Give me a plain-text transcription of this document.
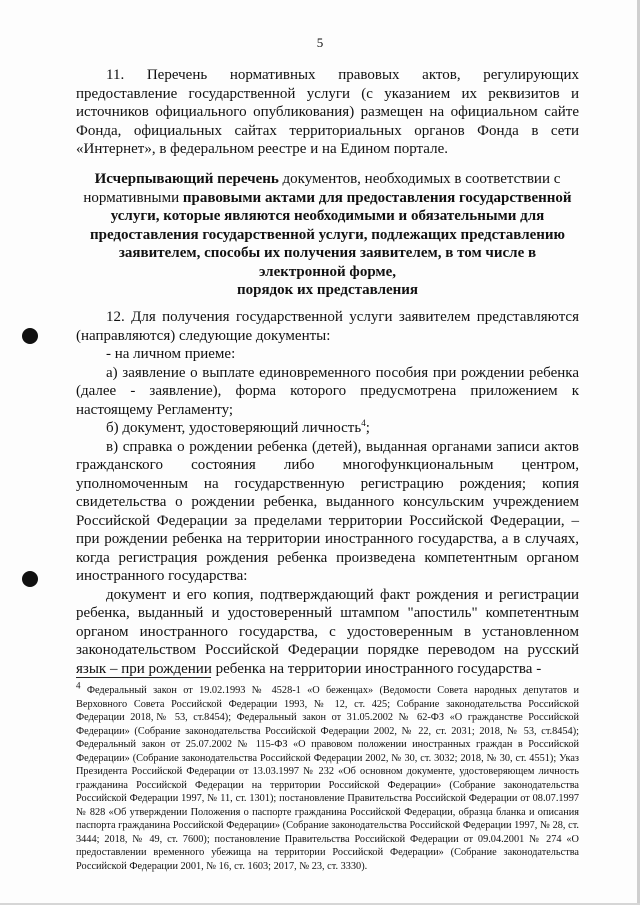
5

11. Перечень нормативных правовых актов, регулирующих предоставление государственной услуги (с указанием их реквизитов и источников официального опубликования) размещен на официальном сайте Фонда, официальных сайтах территориальных органов Фонда в сети «Интернет», в федеральном реестре и на Едином портале.

Исчерпывающий перечень документов, необходимых в соответствии с нормативными правовыми актами для предоставления государственной услуги, которые являются необходимыми и обязательными для предоставления государственной услуги, подлежащих представлению заявителем, способы их получения заявителем, в том числе в электронной форме,

порядок их представления

12. Для получения государственной услуги заявителем представляются (направляются) следующие документы:

- на личном приеме:

а) заявление о выплате единовременного пособия при рождении ребенка (далее - заявление), форма которого предусмотрена приложением к настоящему Регламенту;

б) документ, удостоверяющий личность$^4$;

в) справка о рождении ребенка (детей), выданная органами записи актов гражданского состояния либо многофункциональным центром, уполномоченным на государственную регистрацию рождения; копия свидетельства о рождении ребенка, выданного консульским учреждением Российской Федерации за пределами территории Российской Федерации, – при рождении ребенка на территории иностранного государства, а в случаях, когда регистрация рождения ребенка произведена компетентным органом иностранного государства:

документ и его копия, подтверждающий факт рождения и регистрации ребенка, выданный и удостоверенный штампом "апостиль" компетентным органом иностранного государства, с удостоверенным в установленном законодательством Российской Федерации порядке переводом на русский язык – при рождении ребенка на территории иностранного государства -

$^4$ Федеральный закон от 19.02.1993 № 4528-1 «О беженцах» (Ведомости Совета народных депутатов и Верховного Совета Российской Федерации 1993, № 12, ст. 425; Собрание законодательства Российской Федерации 2018,№ 53, ст.8454); Федеральный закон от 31.05.2002 № 62-ФЗ «О гражданстве Российской Федерации» (Собрание законодательства Российской Федерации 2002, № 22, ст. 2031; 2018, № 53, ст.8454); Федеральный закон от 25.07.2002 № 115-ФЗ «О правовом положении иностранных граждан в Российской Федерации» (Собрание законодательства Российской Федерации 2002, № 30, ст. 3032; 2018, № 30, ст. 4551); Указ Президента Российской Федерации от 13.03.1997 № 232 «Об основном документе, удостоверяющем личность гражданина Российской Федерации на территории Российской Федерации» (Собрание законодательства Российской Федерации 1997, № 11, ст. 1301); постановление Правительства Российской Федерации от 08.07.1997 № 828 «Об утверждении Положения о паспорте гражданина Российской Федерации, образца бланка и описания паспорта гражданина Российской Федерации» (Собрание законодательства Российской Федерации 1997, № 28, ст. 3444; 2018, № 49, ст. 7600); постановление Правительства Российской Федерации от 09.04.2001 № 274 «О предоставлении временного убежища на территории Российской Федерации» (Собрание законодательства Российской Федерации 2001, № 16, ст. 1603; 2017, № 23, ст. 3330).
